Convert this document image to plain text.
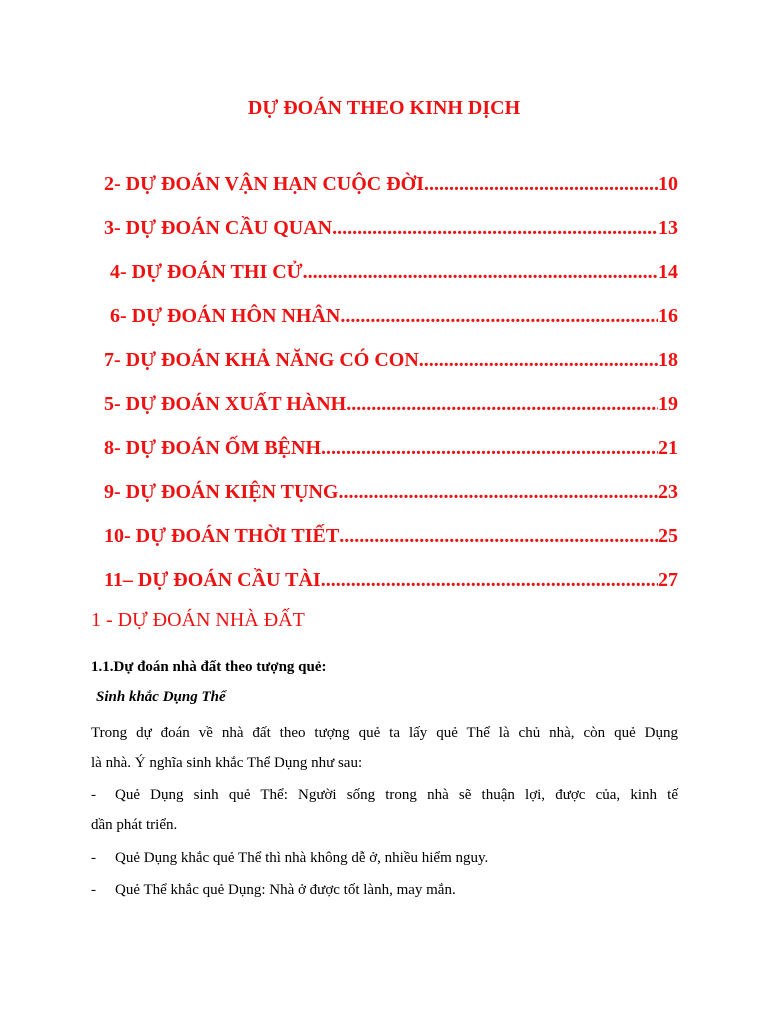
DỰ ĐOÁN THEO KINH DỊCH
2- DỰ ĐOÁN VẬN HẠN CUỘC ĐỜI .....	10
3- DỰ ĐOÁN CẦU QUAN .....	13
4- DỰ ĐOÁN THI CỬ .....	14
6- DỰ ĐOÁN HÔN NHÂN .....	16
7- DỰ ĐOÁN KHẢ NĂNG CÓ CON .....	18
5- DỰ ĐOÁN XUẤT HÀNH .....	19
8- DỰ ĐOÁN ỐM BỆNH .....	21
9- DỰ ĐOÁN KIỆN TỤNG .....	23
10- DỰ ĐOÁN THỜI TIẾT .....	25
11– DỰ ĐOÁN CẦU TÀI .....	27
1 - DỰ ĐOÁN NHÀ ĐẤT
1.1.Dự đoán nhà đất theo tượng quẻ:
Sinh khắc Dụng Thể

Trong dự đoán về nhà đất theo tượng quẻ ta lấy quẻ Thể là chủ nhà, còn quẻ Dụng
là nhà. Ý nghĩa sinh khắc Thể Dụng như sau:

-	Quẻ Dụng sinh quẻ Thể: Người sống trong nhà sẽ thuận lợi, được của, kinh tế
dần phát triển.
-	Quẻ Dụng khắc quẻ Thể thì nhà không dễ ở, nhiều hiểm nguy.
-	Quẻ Thể khắc quẻ Dụng: Nhà ở được tốt lành, may mắn.
